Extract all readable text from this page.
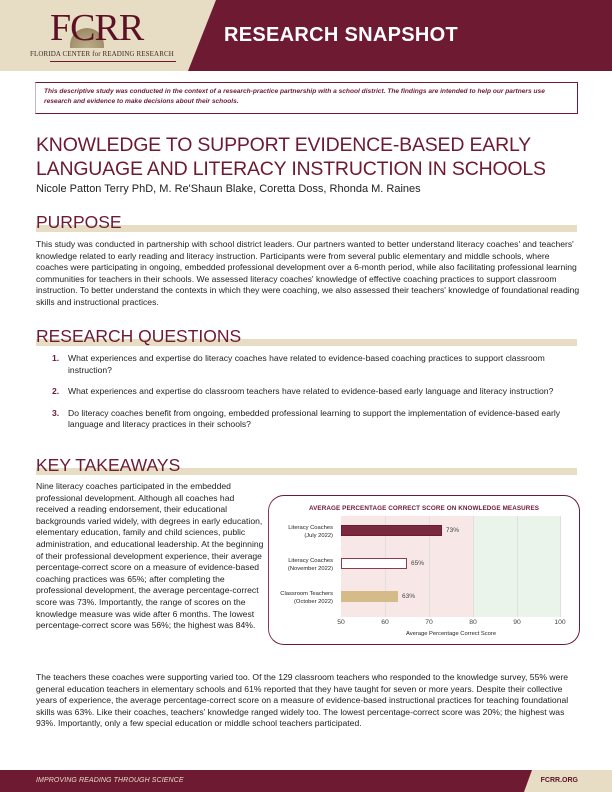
FCRR
FLORIDA CENTER for READING RESEARCH
RESEARCH SNAPSHOT

This descriptive study was conducted in the context of a research-practice partnership with a school district. The findings are intended to help our partners use research and evidence to make decisions about their schools.

KNOWLEDGE TO SUPPORT EVIDENCE-BASED EARLY LANGUAGE AND LITERACY INSTRUCTION IN SCHOOLS
Nicole Patton Terry PhD, M. Re'Shaun Blake, Coretta Doss, Rhonda M. Raines
PURPOSE

This study was conducted in partnership with school district leaders. Our partners wanted to better understand literacy coaches' and teachers' knowledge related to early reading and literacy instruction. Participants were from several public elementary and middle schools, where coaches were participating in ongoing, embedded professional development over a 6-month period, while also facilitating professional learning communities for teachers in their schools. We assessed literacy coaches' knowledge of effective coaching practices to support classroom instruction. To better understand the contexts in which they were coaching, we also assessed their teachers' knowledge of foundational reading skills and instructional practices.

RESEARCH QUESTIONS
1.	What experiences and expertise do literacy coaches have related to evidence-based coaching practices to support classroom instruction?
2.	What experiences and expertise do classroom teachers have related to evidence-based early language and literacy instruction?
3.	Do literacy coaches benefit from ongoing, embedded professional learning to support the implementation of evidence-based early language and literacy practices in their schools?
KEY TAKEAWAYS

Nine literacy coaches participated in the embedded professional development. Although all coaches had received a reading endorsement, their educational backgrounds varied widely, with degrees in early education, elementary education, family and child sciences, public administration, and educational leadership. At the beginning of their professional development experience, their average percentage-correct score on a measure of evidence-based coaching practices was 65%; after completing the professional development, the average percentage-correct score was 73%. Importantly, the range of scores on the knowledge measure was wide after 6 months. The lowest percentage-correct score was 56%; the highest was 84%.

AVERAGE PERCENTAGE CORRECT SCORE ON KNOWLEDGE MEASURES
73%
65%
63%
Literacy Coaches
(July 2022)
Literacy Coaches
(November 2022)
Classroom Teachers
(October 2022)
50	60	70	80	90	100
Average Percentage Correct Score

The teachers these coaches were supporting varied too. Of the 129 classroom teachers who responded to the knowledge survey, 55% were general education teachers in elementary schools and 61% reported that they have taught for seven or more years. Despite their collective years of experience, the average percentage-correct score on a measure of evidence-based instructional practices for teaching foundational skills was 63%. Like their coaches, teachers' knowledge ranged widely too. The lowest percentage-correct score was 20%; the highest was 93%. Importantly, only a few special education or middle school teachers participated.

IMPROVING READING THROUGH SCIENCE	FCRR.ORG
